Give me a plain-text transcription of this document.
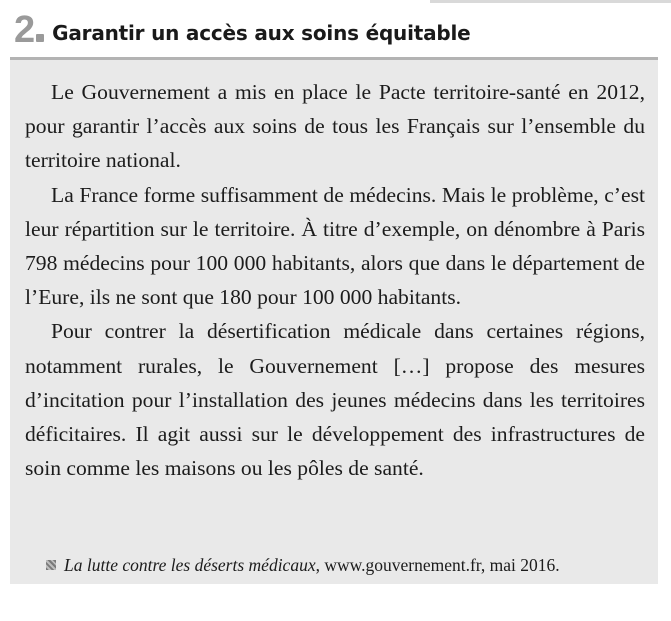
2 Garantir un accès aux soins équitable

Le Gouvernement a mis en place le Pacte territoire-santé en 2012, pour garantir l’accès aux soins de tous les Français sur l’ensemble du territoire national.

La France forme suffisamment de médecins. Mais le problème, c’est leur répartition sur le territoire. À titre d’exemple, on dénombre à Paris 798 médecins pour 100 000 habitants, alors que dans le département de l’Eure, ils ne sont que 180 pour 100 000 habitants.

Pour contrer la désertification médicale dans certaines régions, notamment rurales, le Gouvernement […] propose des mesures d’incitation pour l’installation des jeunes médecins dans les territoires déficitaires. Il agit aussi sur le développement des infrastructures de soin comme les maisons ou les pôles de santé.

La lutte contre les déserts médicaux , www.gouvernement.fr, mai 2016.
